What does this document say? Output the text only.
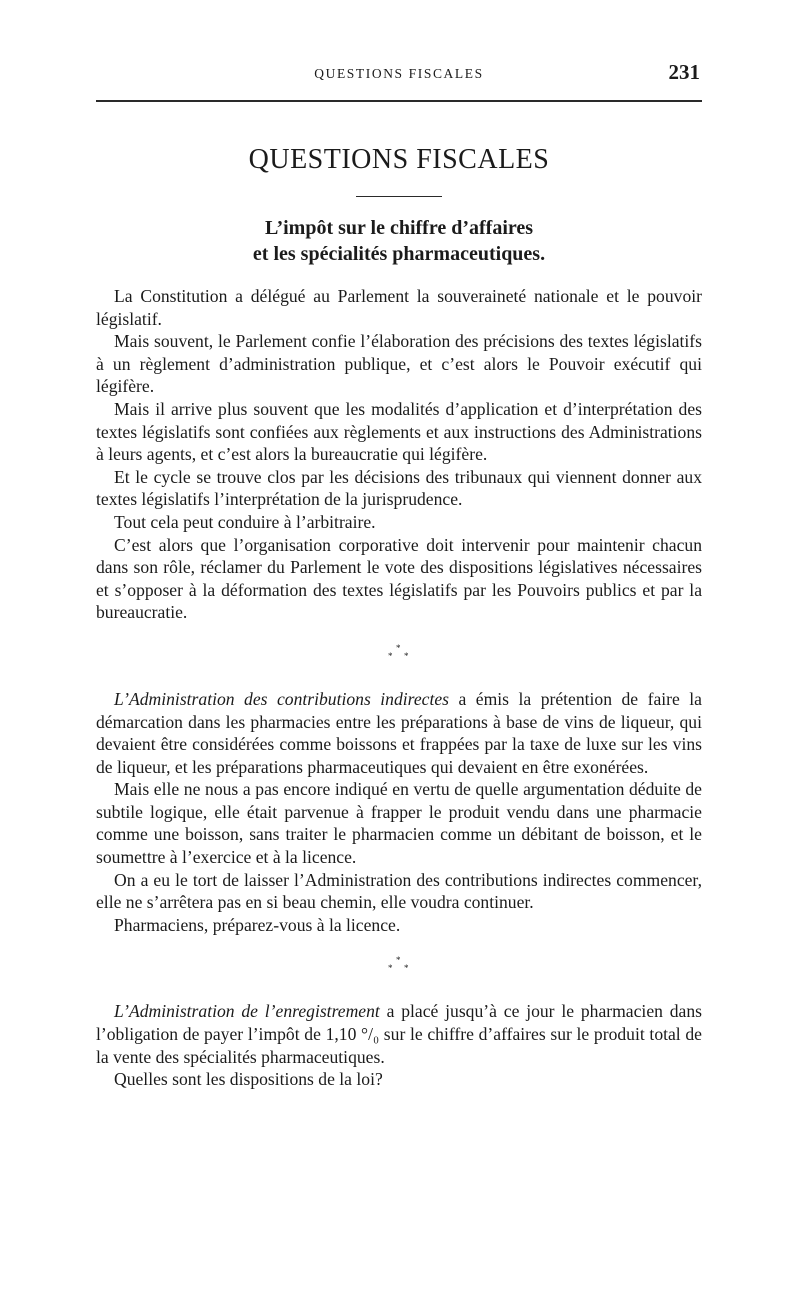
QUESTIONS FISCALES	231
QUESTIONS FISCALES
L’impôt sur le chiffre d’affaires
et les spécialités pharmaceutiques.

La Constitution a délégué au Parlement la souveraineté nationale et le pouvoir législatif.

Mais souvent, le Parlement confie l’élaboration des précisions des textes législatifs à un règlement d’administration publique, et c’est alors le Pouvoir exécutif qui légifère.

Mais il arrive plus souvent que les modalités d’application et d’interprétation des textes législatifs sont confiées aux règlements et aux instructions des Administrations à leurs agents, et c’est alors la bureaucratie qui légifère.

Et le cycle se trouve clos par les décisions des tribunaux qui viennent donner aux textes législatifs l’interprétation de la jurisprudence.

Tout cela peut conduire à l’arbitraire.

C’est alors que l’organisation corporative doit intervenir pour maintenir chacun dans son rôle, réclamer du Parlement le vote des dispositions législatives nécessaires et s’opposer à la déformation des textes législatifs par les Pouvoirs publics et par la bureaucratie.

*
* *

L’Administration des contributions indirectes a émis la prétention de faire la démarcation dans les pharmacies entre les préparations à base de vins de liqueur, qui devaient être considérées comme boissons et frappées par la taxe de luxe sur les vins de liqueur, et les préparations pharmaceutiques qui devaient en être exonérées.

Mais elle ne nous a pas encore indiqué en vertu de quelle argumentation déduite de subtile logique, elle était parvenue à frapper le produit vendu dans une pharmacie comme une boisson, sans traiter le pharmacien comme un débitant de boisson, et le soumettre à l’exercice et à la licence.

On a eu le tort de laisser l’Administration des contributions indirectes commencer, elle ne s’arrêtera pas en si beau chemin, elle voudra continuer.

Pharmaciens, préparez-vous à la licence.

*
* *

L’Administration de l’enregistrement a placé jusqu’à ce jour le pharmacien dans l’obligation de payer l’impôt de 1,10 °/₀ sur le chiffre d’affaires sur le produit total de la vente des spécialités pharmaceutiques.

Quelles sont les dispositions de la loi?
